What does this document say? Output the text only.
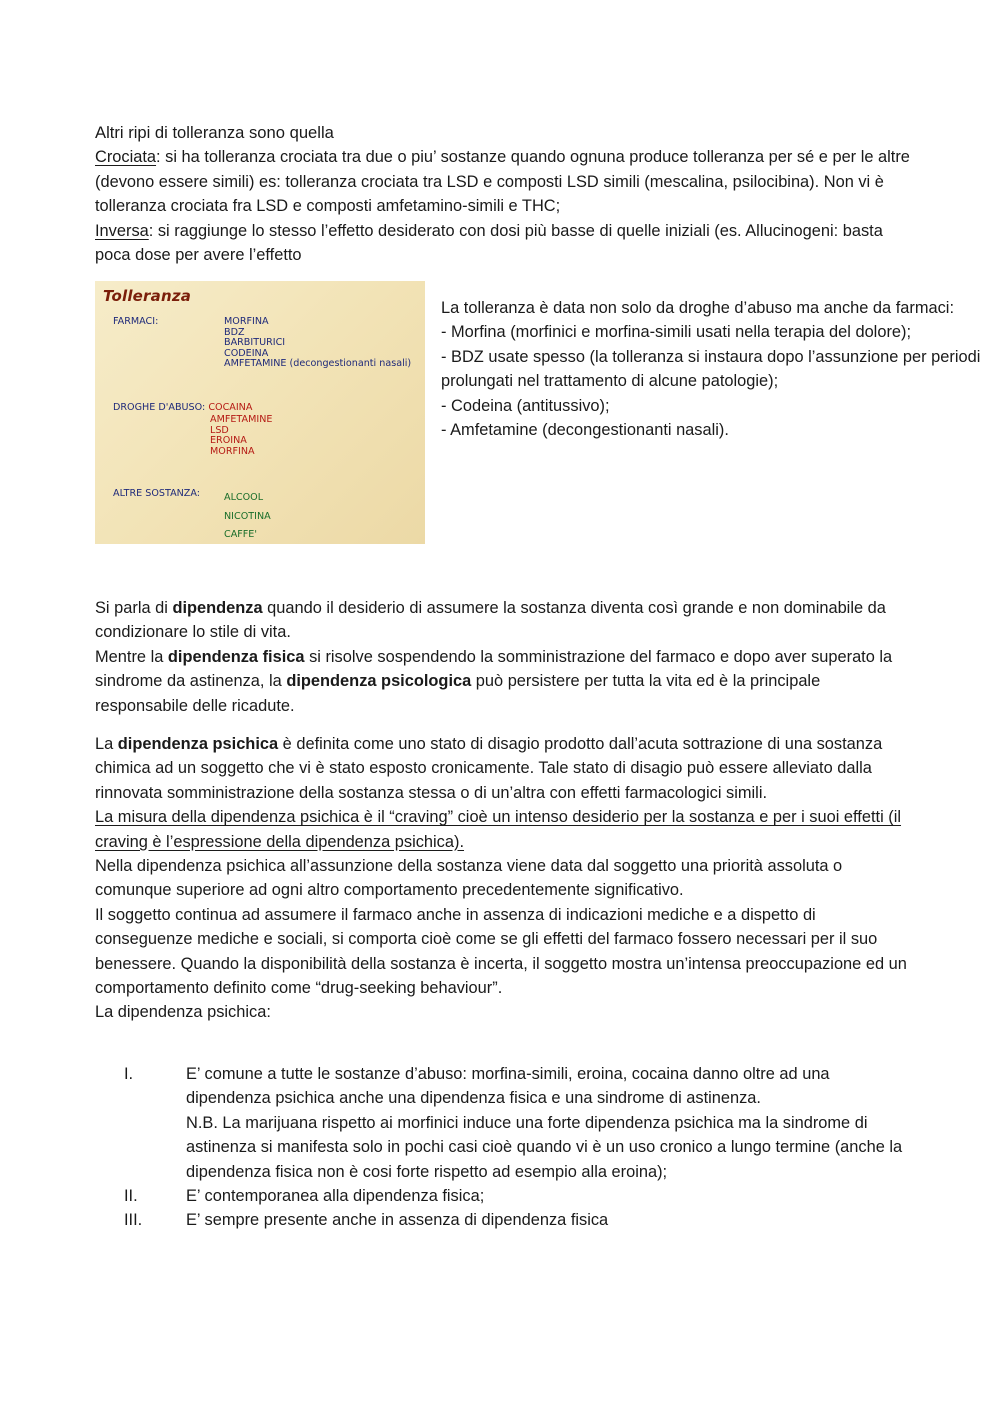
Altri ripi di tolleranza sono quella

Crociata: si ha tolleranza crociata tra due o piu’ sostanze quando ognuna produce tolleranza per sé e per le altre (devono essere simili) es: tolleranza crociata tra LSD e composti LSD simili (mescalina, psilocibina). Non vi è tolleranza crociata fra LSD e composti amfetamino-simili e THC;

Inversa: si raggiunge lo stesso l’effetto desiderato con dosi più basse di quelle iniziali (es. Allucinogeni: basta poca dose per avere l’effetto

Tolleranza
FARMACI:	MORFINA
BDZ
BARBITURICI
CODEINA
AMFETAMINE (decongestionanti nasali)
DROGHE D'ABUSO: COCAINA
AMFETAMINE
LSD
EROINA
MORFINA
ALTRE SOSTANZA: ALCOOL
NICOTINA
CAFFE'

La tolleranza è data non solo da droghe d’abuso ma anche da farmaci:

- Morfina (morfinici e morfina-simili usati nella terapia del dolore);

- BDZ usate spesso (la tolleranza si instaura dopo l’assunzione per periodi prolungati nel trattamento di alcune patologie);

- Codeina (antitussivo);

- Amfetamine (decongestionanti nasali).

Si parla di dipendenza quando il desiderio di assumere la sostanza diventa così grande e non dominabile da condizionare lo stile di vita.

Mentre la dipendenza fisica si risolve sospendendo la somministrazione del farmaco e dopo aver superato la sindrome da astinenza, la dipendenza psicologica può persistere per tutta la vita ed è la principale responsabile delle ricadute.

La dipendenza psichica è definita come uno stato di disagio prodotto dall’acuta sottrazione di una sostanza chimica ad un soggetto che vi è stato esposto cronicamente. Tale stato di disagio può essere alleviato dalla rinnovata somministrazione della sostanza stessa o di un’altra con effetti farmacologici simili.

La misura della dipendenza psichica è il “craving” cioè un intenso desiderio per la sostanza e per i suoi effetti (il craving è l’espressione della dipendenza psichica).

Nella dipendenza psichica all’assunzione della sostanza viene data dal soggetto una priorità assoluta o comunque superiore ad ogni altro comportamento precedentemente significativo.

Il soggetto continua ad assumere il farmaco anche in assenza di indicazioni mediche e a dispetto di conseguenze mediche e sociali, si comporta cioè come se gli effetti del farmaco fossero necessari per il suo benessere. Quando la disponibilità della sostanza è incerta, il soggetto mostra un’intensa preoccupazione ed un comportamento definito come “drug-seeking behaviour”.

La dipendenza psichica:

I.	E’ comune a tutte le sostanze d’abuso: morfina-simili, eroina, cocaina danno oltre ad una dipendenza psichica anche una dipendenza fisica e una sindrome di astinenza.
N.B. La marijuana rispetto ai morfinici induce una forte dipendenza psichica ma la sindrome di astinenza si manifesta solo in pochi casi cioè quando vi è un uso cronico a lungo termine (anche la dipendenza fisica non è cosi forte rispetto ad esempio alla eroina);
II.	E’ contemporanea alla dipendenza fisica;
III.	E’ sempre presente anche in assenza di dipendenza fisica
